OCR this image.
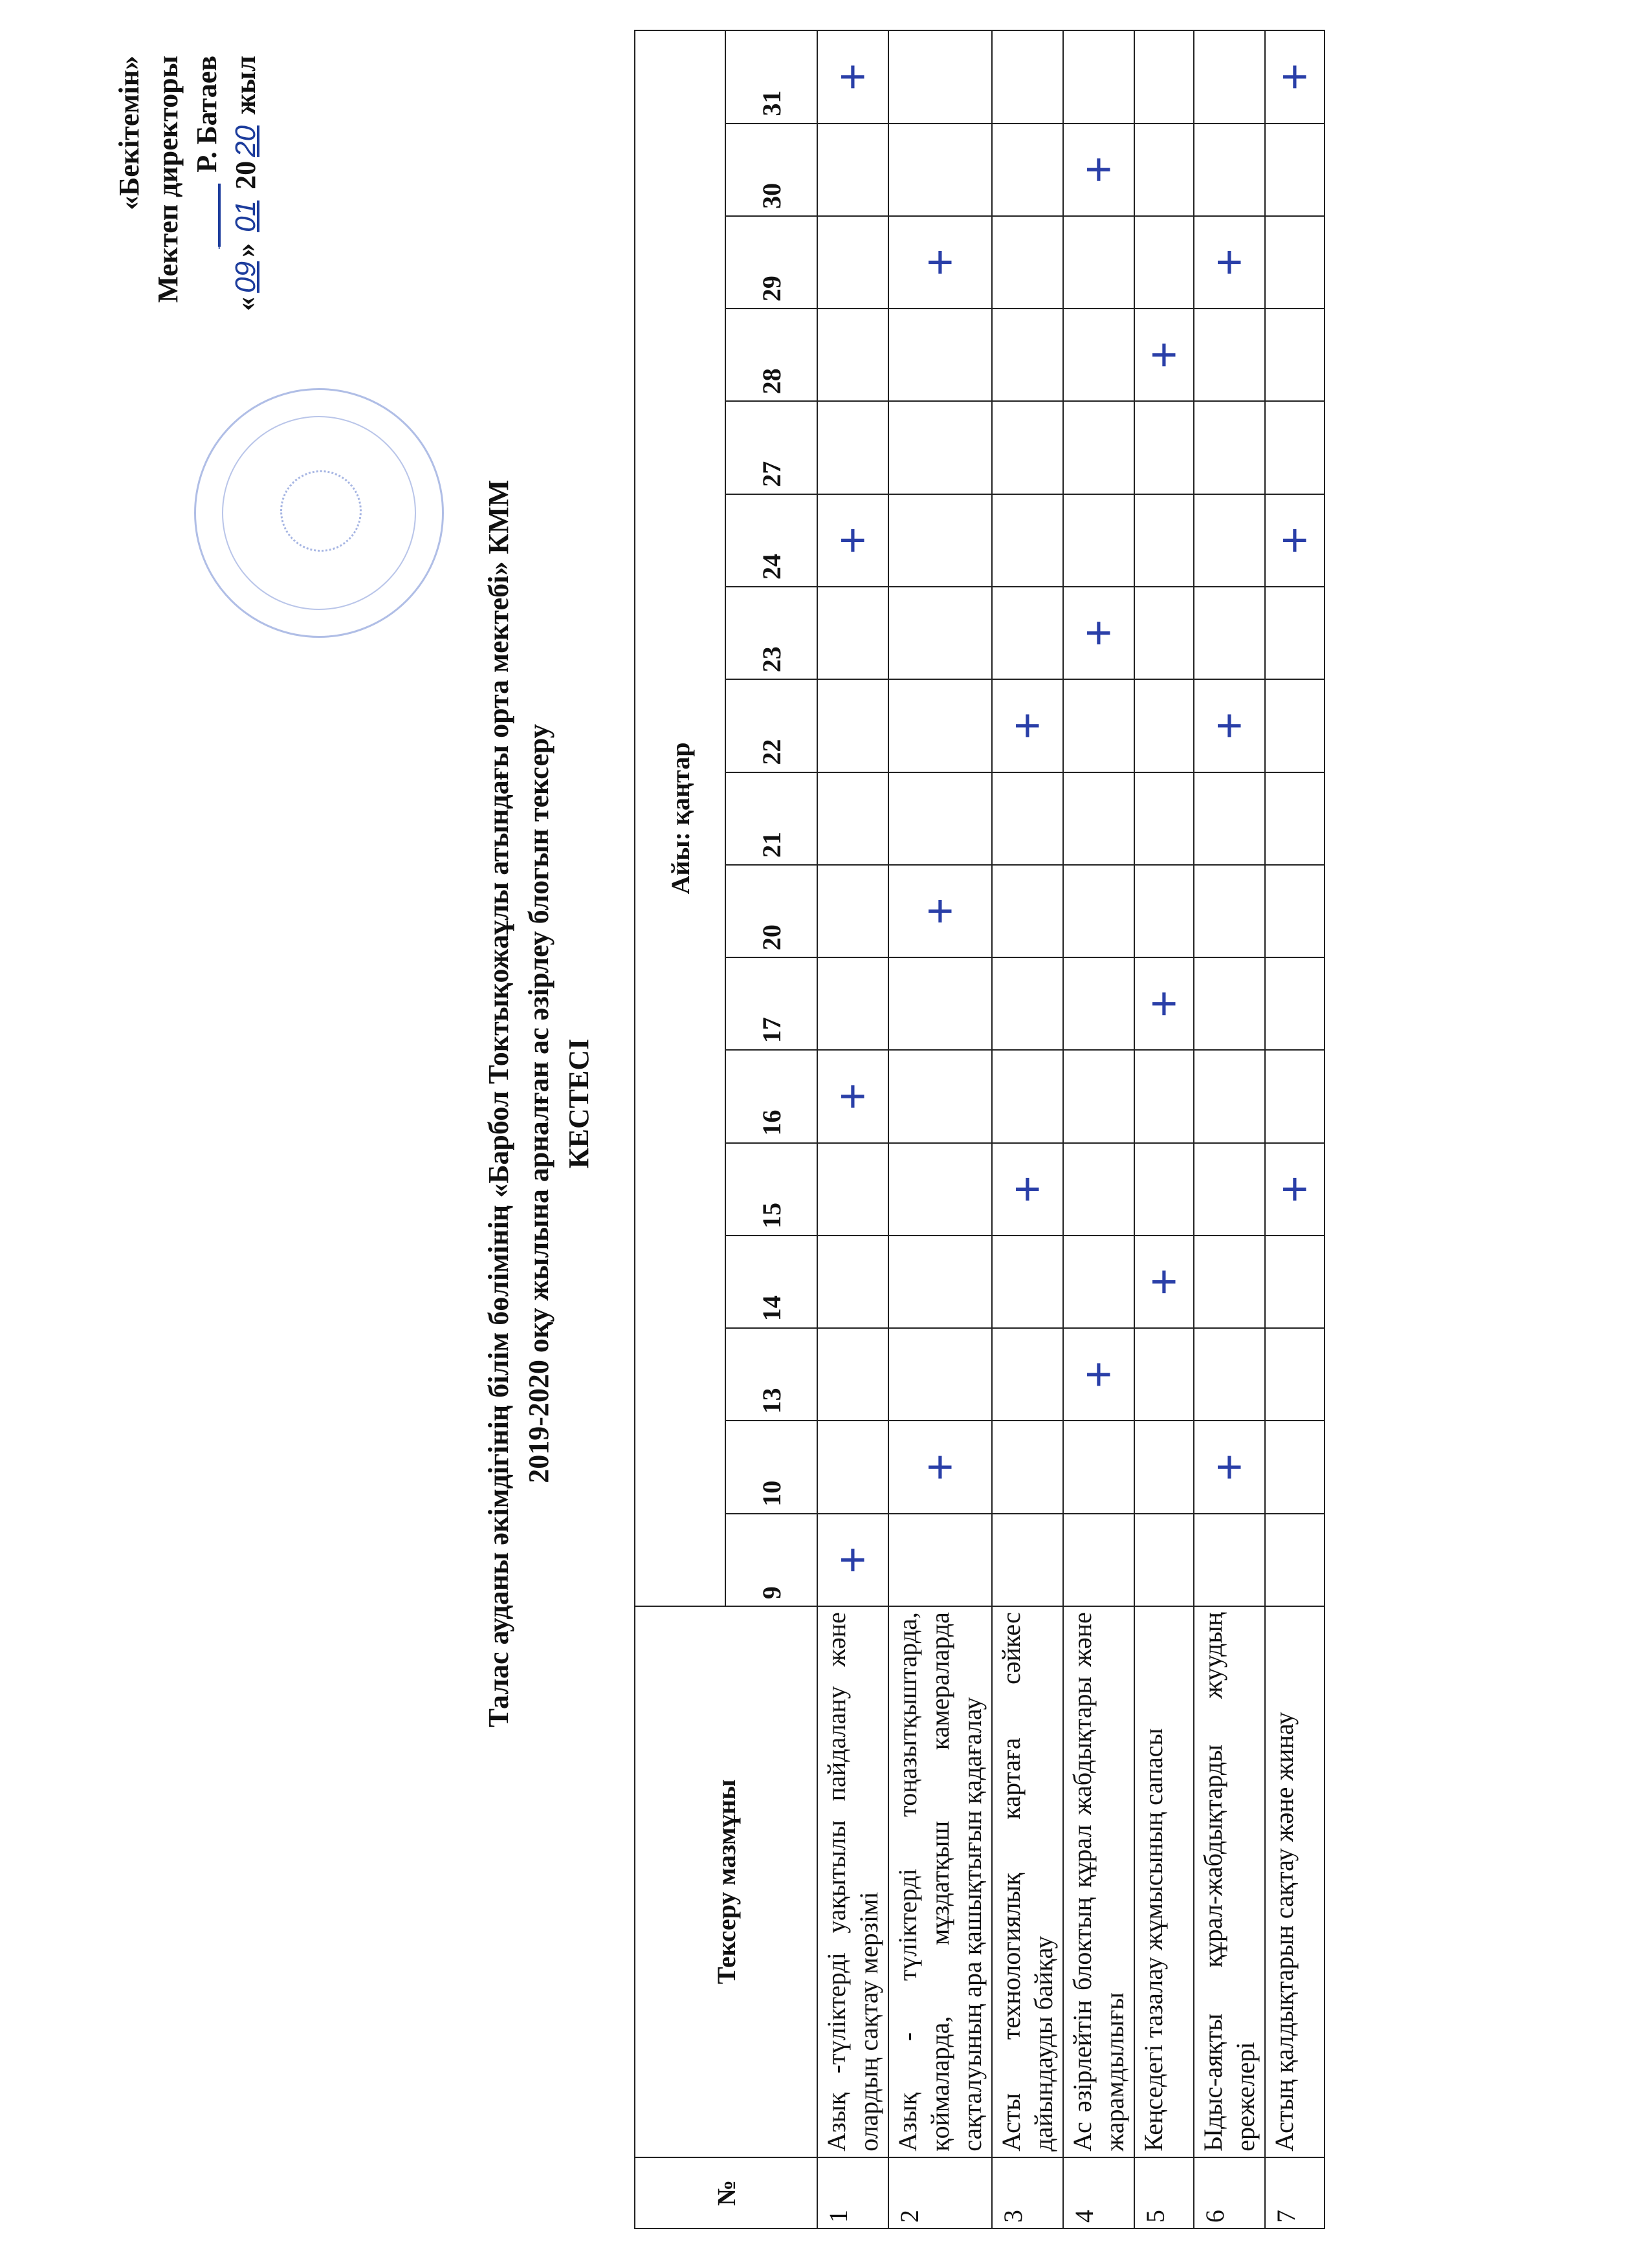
«Бекітемін» Мектеп директоры ____ Р. Батаев
«09» 01 2020 жыл
Талас ауданы әкімдігінің білім бөлімінің «Барбол Токтықожаұлы атындағы орта мектебі» КММ 2019-2020 оқу жылына арналған ас әзірлеу блогын тексеру КЕСТЕСІ
№	Тексеру мазмұны	Айы: қаңтар																
		9	10	13	14	15	16	17	20	21	22	23	24	27	28	29	30	31
1	Азық -түліктерді уақытылы пайдалану және олардың сақтау мерзімі	+					+						+					+
2	Азық - түліктерді тоңазытқыштарда, қоймаларда, мұздатқыш камераларда сақталуының ара қашықтығын қадағалау		+						+							+		
3	Асты технологиялық картаға сәйкес дайындауды байқау					+					+							
4	Ас әзірлейтін блоктың құрал жабдықтары және жарамдылығы			+								+					+	
5	Кеңседегі тазалау жұмысының сапасы				+			+							+			
6	Ыдыс-аяқты құрал-жабдықтарды жуудың ережелері		+								+					+		
7	Астың қалдықтарын сақтау және жинау					+							+					+
